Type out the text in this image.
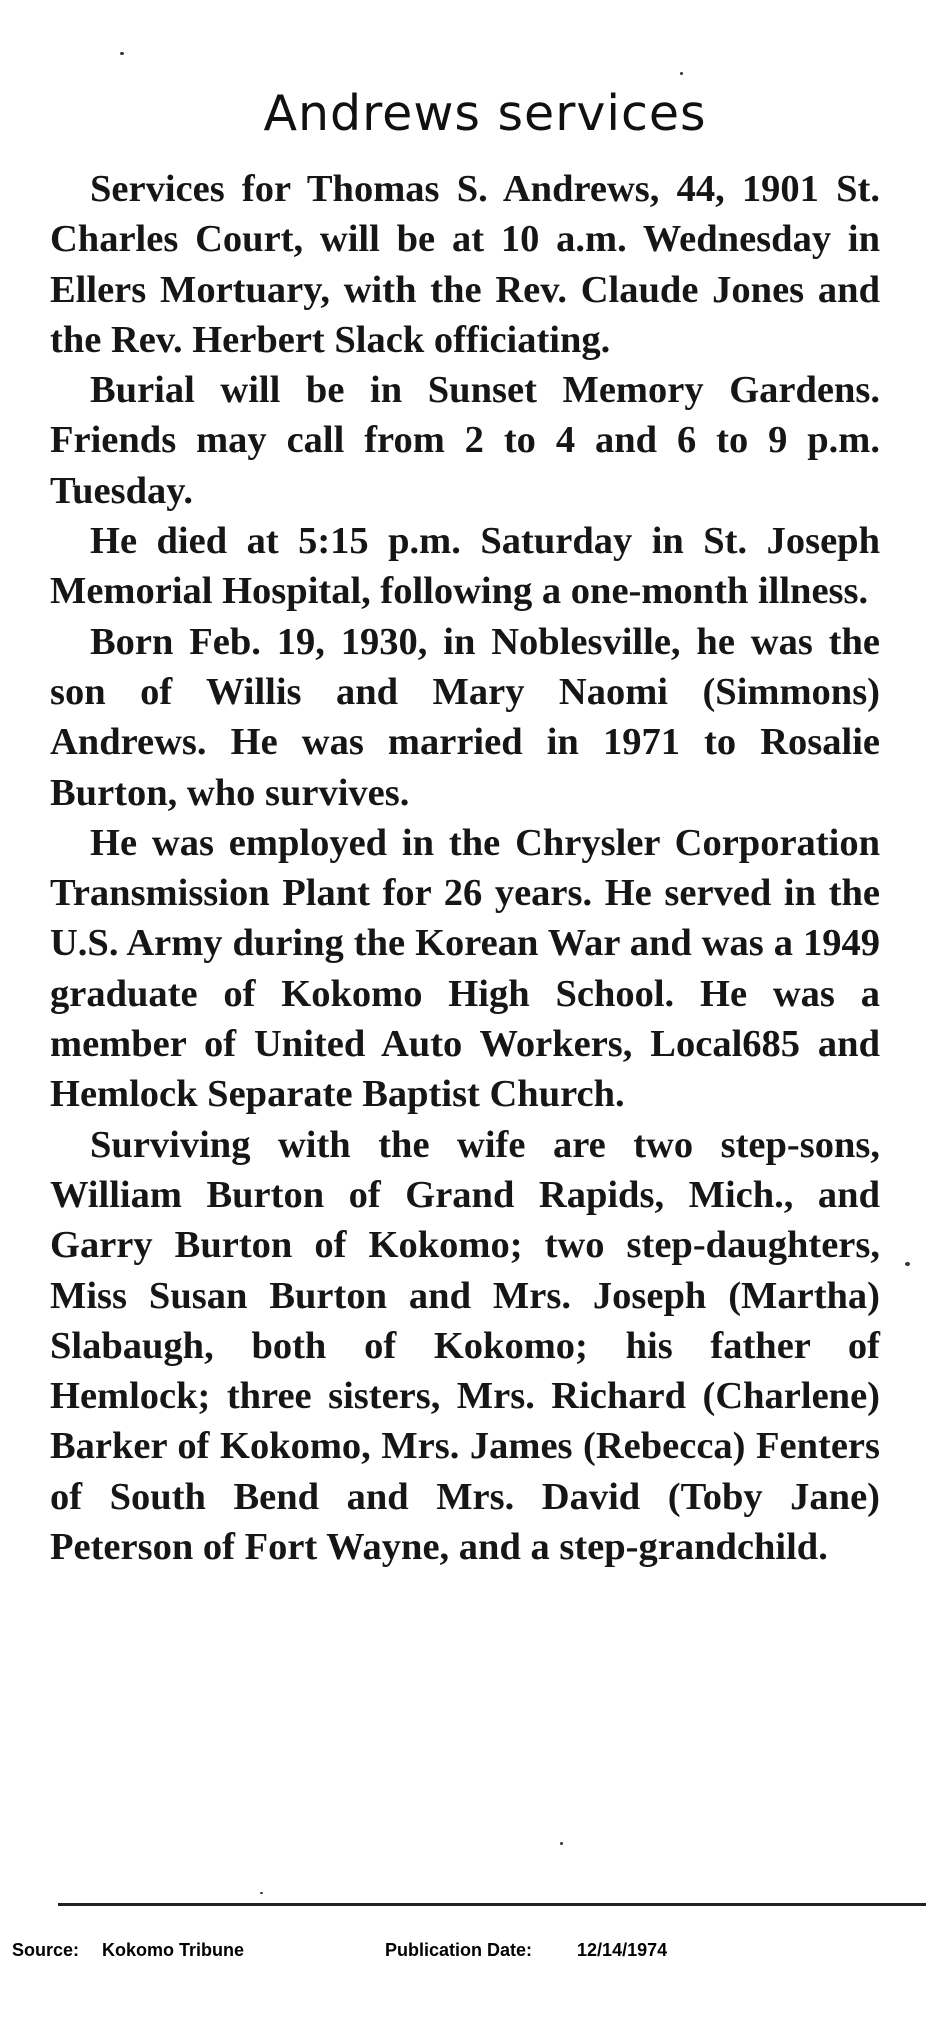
Andrews services

Services for Thomas S. Andrews, 44, 1901 St. Charles Court, will be at 10 a.m. Wednesday in Ellers Mortuary, with the Rev. Claude Jones and the Rev. Herbert Slack officiating.

Burial will be in Sunset Memory Gardens. Friends may call from 2 to 4 and 6 to 9 p.m. Tuesday.

He died at 5:15 p.m. Saturday in St. Joseph Memorial Hospital, following a one-month illness.

Born Feb. 19, 1930, in Noblesville, he was the son of Willis and Mary Naomi (Simmons) Andrews. He was married in 1971 to Rosalie Burton, who survives.

He was employed in the Chrysler Corporation Transmission Plant for 26 years. He served in the U.S. Army during the Korean War and was a 1949 graduate of Kokomo High School. He was a member of United Auto Workers, Local685 and Hemlock Separate Baptist Church.

Surviving with the wife are two step-sons, William Burton of Grand Rapids, Mich., and Garry Burton of Kokomo; two step-daughters, Miss Susan Burton and Mrs. Joseph (Martha) Slabaugh, both of Kokomo; his father of Hemlock; three sisters, Mrs. Richard (Charlene) Barker of Kokomo, Mrs. James (Rebecca) Fenters of South Bend and Mrs. David (Toby Jane) Peterson of Fort Wayne, and a step-grandchild.

Source: Kokomo Tribune	Publication Date:	12/14/1974
